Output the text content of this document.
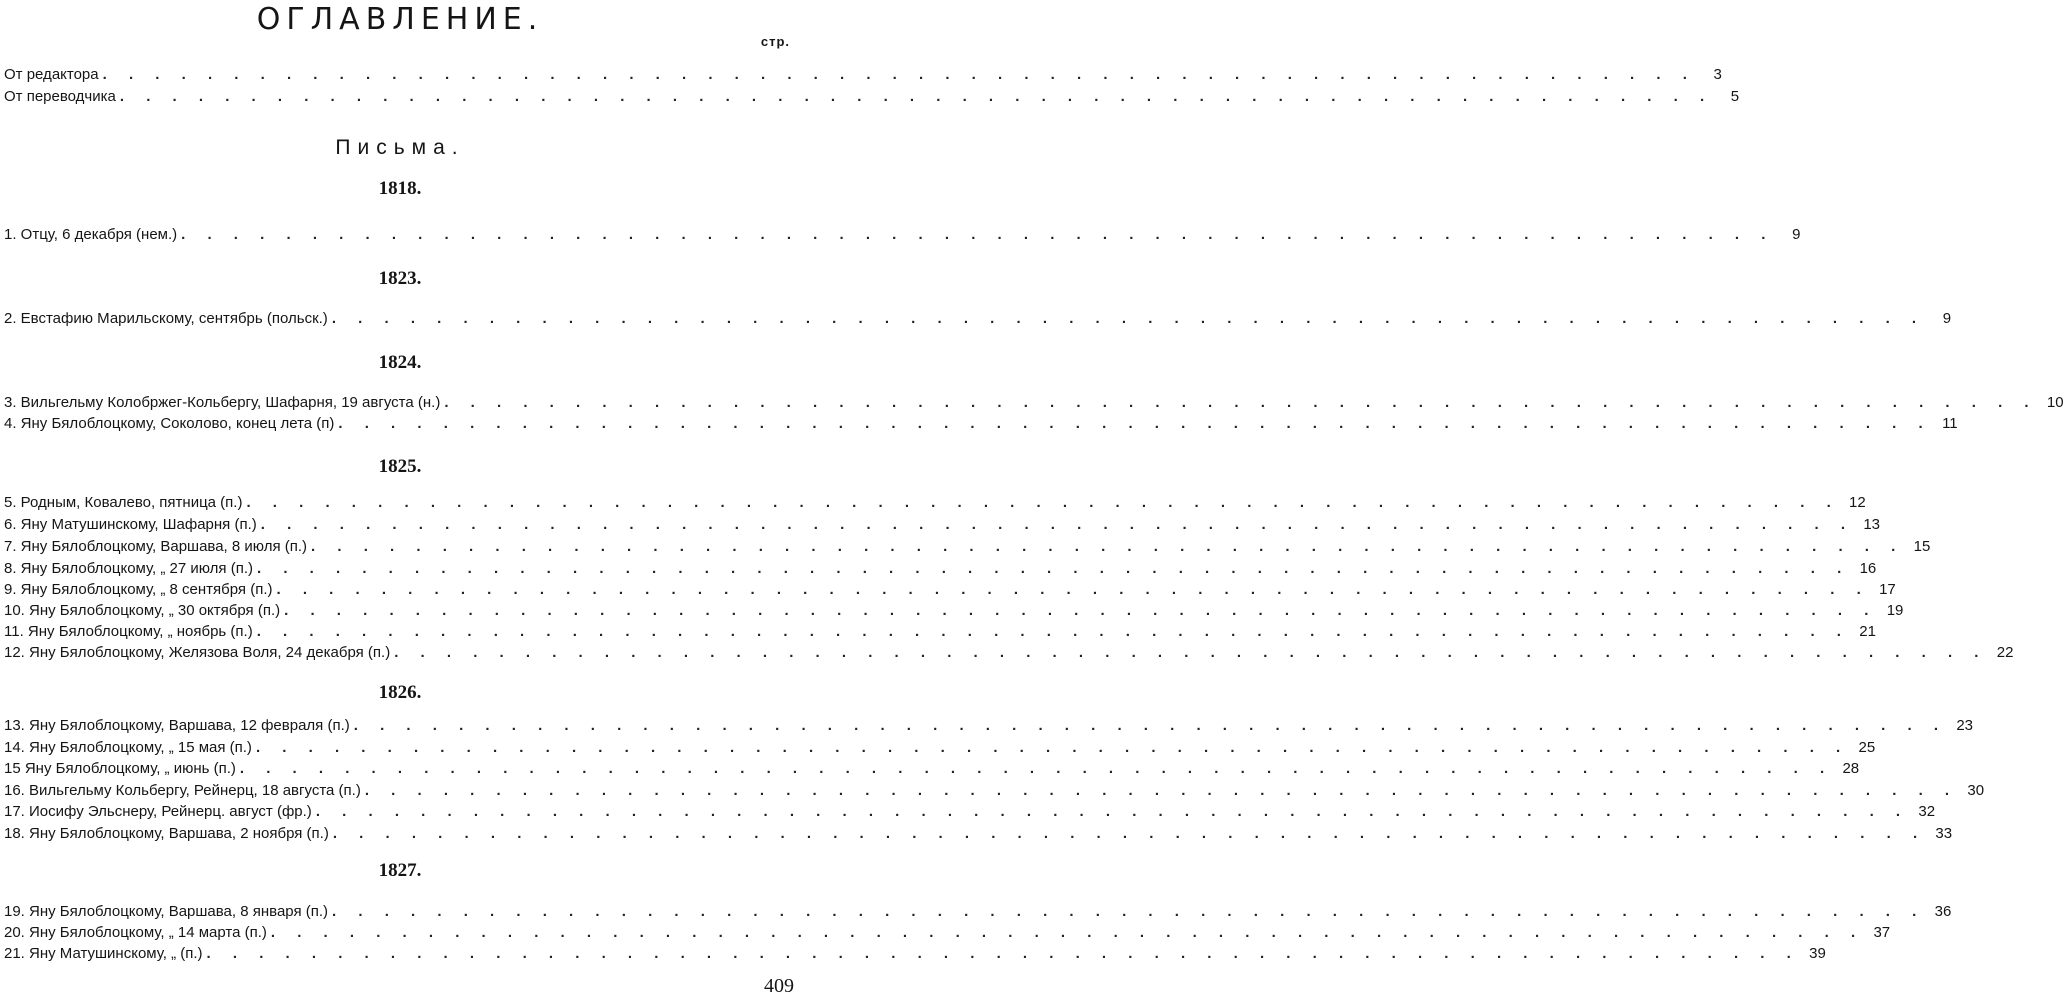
ОГЛАВЛЕНИЕ.
стр.
От редактора . . . . . . . . . . . . . . . . . . . . . . . . . . . . . . . . . . . . . . . . . . . . . . . . . . . . . . . . . . . . .	3
От переводчика . . . . . . . . . . . . . . . . . . . . . . . . . . . . . . . . . . . . . . . . . . . . . . . . . . . . . . . . . . . . .	5
Письма.
1818.
1. Отцу, 6 декабря (нем.) . . . . . . . . . . . . . . . . . . . . . . . . . . . . . . . . . . . . . . . . . . . . . . . . . . . . . . . . . . . . .	9
1823.
2. Евстафию Марильскому, сентябрь (польск.) . . . . . . . . . . . . . . . . . . . . . . . . . . . . . . . . . . . . . . . . . . . . . . . . . . . . . . . . . . . . .	9
1824.
3. Вильгельму Колобржег-Кольбергу, Шафарня, 19 августа (н.) . . . . . . . . . . . . . . . . . . . . . . . . . . . . . . . . . . . . . . . . . . . . . . . . . . . . . . . . . . . . . 10
4. Яну Бялоблоцкому, Соколово, конец лета (п) . . . . . . . . . . . . . . . . . . . . . . . . . . . . . . . . . . . . . . . . . . . . . . . . . . . . . . . . . . . . . 11
1825.
5. Родным, Ковалево, пятница (п.) . . . . . . . . . . . . . . . . . . . . . . . . . . . . . . . . . . . . . . . . . . . . . . . . . . . . . . . . . . . . . 12
6. Яну Матушинскому, Шафарня (п.) . . . . . . . . . . . . . . . . . . . . . . . . . . . . . . . . . . . . . . . . . . . . . . . . . . . . . . . . . . . . . 13
7. Яну Бялоблоцкому, Варшава, 8 июля (п.) . . . . . . . . . . . . . . . . . . . . . . . . . . . . . . . . . . . . . . . . . . . . . . . . . . . . . . . . . . . . . 15
8. Яну Бялоблоцкому, „ 27 июля (п.) . . . . . . . . . . . . . . . . . . . . . . . . . . . . . . . . . . . . . . . . . . . . . . . . . . . . . . . . . . . . . 16
9. Яну Бялоблоцкому, „ 8 сентября (п.) . . . . . . . . . . . . . . . . . . . . . . . . . . . . . . . . . . . . . . . . . . . . . . . . . . . . . . . . . . . . . 17
10. Яну Бялоблоцкому, „ 30 октября (п.) . . . . . . . . . . . . . . . . . . . . . . . . . . . . . . . . . . . . . . . . . . . . . . . . . . . . . . . . . . . . . 19
11. Яну Бялоблоцкому, „ ноябрь (п.) . . . . . . . . . . . . . . . . . . . . . . . . . . . . . . . . . . . . . . . . . . . . . . . . . . . . . . . . . . . . . 21
12. Яну Бялоблоцкому, Желязова Воля, 24 декабря (п.) . . . . . . . . . . . . . . . . . . . . . . . . . . . . . . . . . . . . . . . . . . . . . . . . . . . . . . . . . . . . . 22
1826.
13. Яну Бялоблоцкому, Варшава, 12 февраля (п.) . . . . . . . . . . . . . . . . . . . . . . . . . . . . . . . . . . . . . . . . . . . . . . . . . . . . . . . . . . . . . 23
14. Яну Бялоблоцкому, „ 15 мая (п.) . . . . . . . . . . . . . . . . . . . . . . . . . . . . . . . . . . . . . . . . . . . . . . . . . . . . . . . . . . . . . 25
15 Яну Бялоблоцкому, „ июнь (п.) . . . . . . . . . . . . . . . . . . . . . . . . . . . . . . . . . . . . . . . . . . . . . . . . . . . . . . . . . . . . . 28
16. Вильгельму Кольбергу, Рейнерц, 18 августа (п.) . . . . . . . . . . . . . . . . . . . . . . . . . . . . . . . . . . . . . . . . . . . . . . . . . . . . . . . . . . . . . 30
17. Иосифу Эльснеру, Рейнерц. август (фр.) . . . . . . . . . . . . . . . . . . . . . . . . . . . . . . . . . . . . . . . . . . . . . . . . . . . . . . . . . . . . . 32
18. Яну Бялоблоцкому, Варшава, 2 ноября (п.) . . . . . . . . . . . . . . . . . . . . . . . . . . . . . . . . . . . . . . . . . . . . . . . . . . . . . . . . . . . . . 33
1827.
19. Яну Бялоблоцкому, Варшава, 8 января (п.) . . . . . . . . . . . . . . . . . . . . . . . . . . . . . . . . . . . . . . . . . . . . . . . . . . . . . . . . . . . . . 36
20. Яну Бялоблоцкому, „ 14 марта (п.) . . . . . . . . . . . . . . . . . . . . . . . . . . . . . . . . . . . . . . . . . . . . . . . . . . . . . . . . . . . . . 37
21. Яну Матушинскому, „ (п.) . . . . . . . . . . . . . . . . . . . . . . . . . . . . . . . . . . . . . . . . . . . . . . . . . . . . . . . . . . . . . 39
409
